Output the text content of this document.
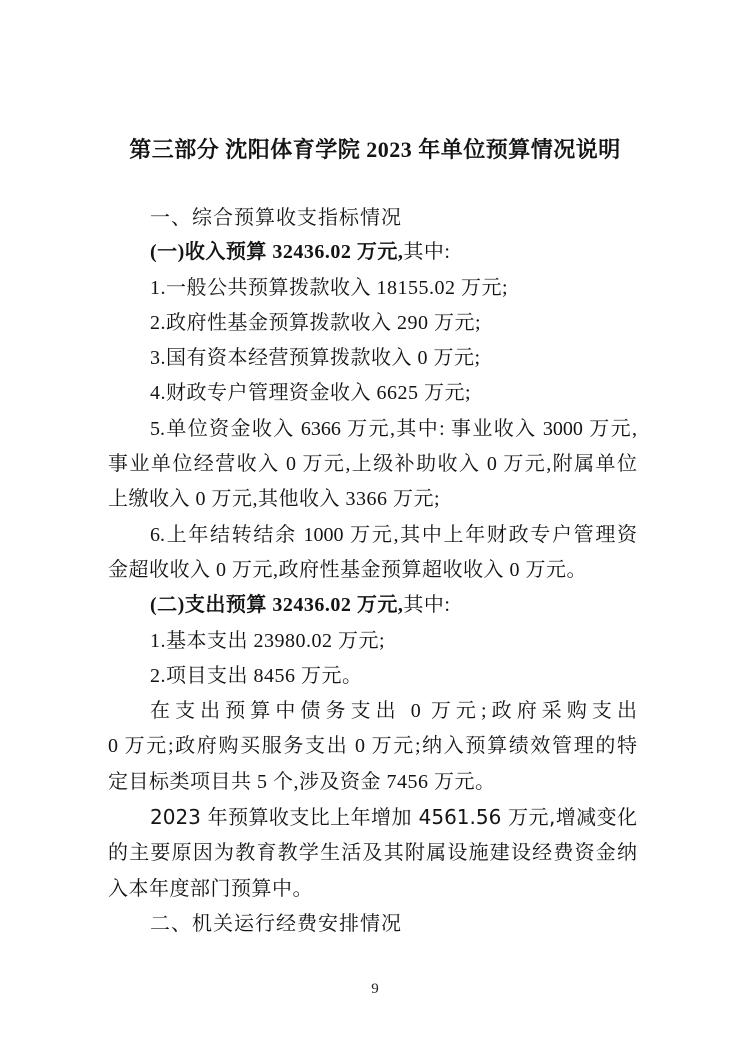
第三部分 沈阳体育学院 2023 年单位预算情况说明
一、综合预算收支指标情况
(一)收入预算 32436.02 万元,其中:
1.一般公共预算拨款收入 18155.02 万元;
2.政府性基金预算拨款收入 290 万元;
3.国有资本经营预算拨款收入 0 万元;
4.财政专户管理资金收入 6625 万元;
5.单位资金收入 6366 万元,其中: 事业收入 3000 万元,
事业单位经营收入 0 万元,上级补助收入 0 万元,附属单位
上缴收入 0 万元,其他收入 3366 万元;
6.上年结转结余 1000 万元,其中上年财政专户管理资
金超收收入 0 万元,政府性基金预算超收收入 0 万元。
(二)支出预算 32436.02 万元,其中:
1.基本支出 23980.02 万元;
2.项目支出 8456 万元。
在支出预算中债务支出 0 万元;政府采购支出
0 万元;政府购买服务支出 0 万元;纳入预算绩效管理的特
定目标类项目共 5 个,涉及资金 7456 万元。
2023 年预算收支比上年增加 4561.56 万元,增减变化
的主要原因为教育教学生活及其附属设施建设经费资金纳
入本年度部门预算中。
二、机关运行经费安排情况
9
